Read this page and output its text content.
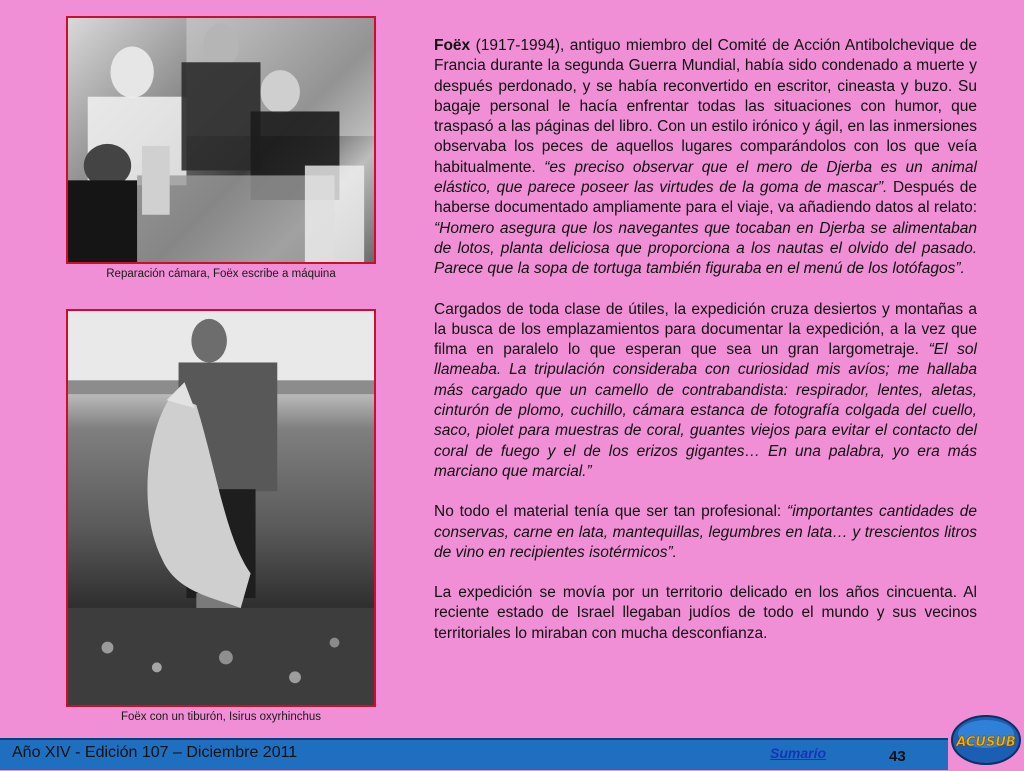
Reparación cámara, Foëx escribe a máquina
Foëx con un tiburón, Isirus oxyrhinchus

Foëx (1917-1994), antiguo miembro del Comité de Acción Antibolchevique de Francia durante la segunda Guerra Mundial, había sido condenado a muerte y después perdonado, y se había reconvertido en escritor, cineasta y buzo. Su bagaje personal le hacía enfrentar todas las situaciones con humor, que traspasó a las páginas del libro. Con un estilo irónico y ágil, en las inmersiones observaba los peces de aquellos lugares comparándolos con los que veía habitualmente. “es preciso observar que el mero de Djerba es un animal elástico, que parece poseer las virtudes de la goma de mascar”. Después de haberse documentado ampliamente para el viaje, va añadiendo datos al relato: “Homero asegura que los navegantes que tocaban en Djerba se alimentaban de lotos, planta deliciosa que proporciona a los nautas el olvido del pasado. Parece que la sopa de tortuga también figuraba en el menú de los lotófagos”.

Cargados de toda clase de útiles, la expedición cruza desiertos y montañas a la busca de los emplazamientos para documentar la expedición, a la vez que filma en paralelo lo que esperan que sea un gran largometraje. “El sol llameaba. La tripulación consideraba con curiosidad mis avíos; me hallaba más cargado que un camello de contrabandista: respirador, lentes, aletas, cinturón de plomo, cuchillo, cámara estanca de fotografía colgada del cuello, saco, piolet para muestras de coral, guantes viejos para evitar el contacto del coral de fuego y el de los erizos gigantes… En una palabra, yo era más marciano que marcial.”

No todo el material tenía que ser tan profesional: “importantes cantidades de conservas, carne en lata, mantequillas, legumbres en lata… y trescientos litros de vino en recipientes isotérmicos”.

La expedición se movía por un territorio delicado en los años cincuenta. Al reciente estado de Israel llegaban judíos de todo el mundo y sus vecinos territoriales lo miraban con mucha desconfianza.

Año XIV - Edición 107 – Diciembre 2011	Sumario	43
ACUSUB
